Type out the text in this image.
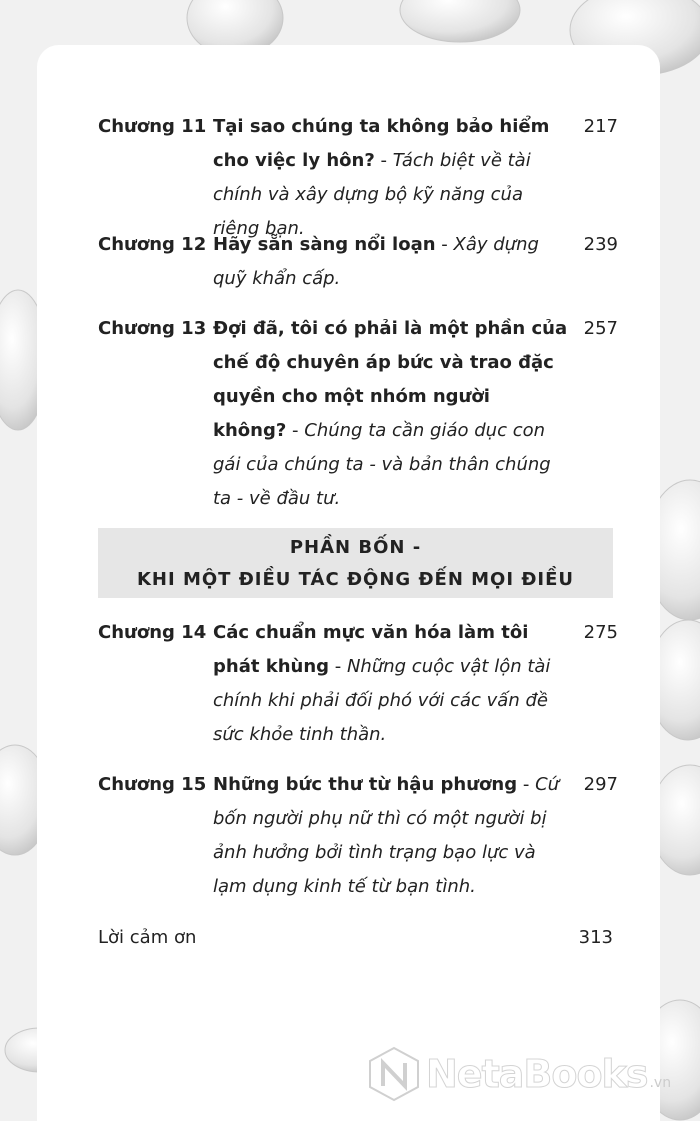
Chương 11 Tại sao chúng ta không bảo hiểm cho việc ly hôn? - Tách biệt về tài chính và xây dựng bộ kỹ năng của riêng bạn.
217
Chương 12 Hãy sẵn sàng nổi loạn - Xây dựng quỹ khẩn cấp.
239
Chương 13 Đợi đã, tôi có phải là một phần của chế độ chuyên áp bức và trao đặc quyền cho một nhóm người không? - Chúng ta cần giáo dục con gái của chúng ta - và bản thân chúng ta - về đầu tư.
257
PHẦN BỐN -
KHI MỘT ĐIỀU TÁC ĐỘNG ĐẾN MỌI ĐIỀU
Chương 14 Các chuẩn mực văn hóa làm tôi phát khùng - Những cuộc vật lộn tài chính khi phải đối phó với các vấn đề sức khỏe tinh thần.
275
Chương 15 Những bức thư từ hậu phương - Cứ bốn người phụ nữ thì có một người bị ảnh hưởng bởi tình trạng bạo lực và lạm dụng kinh tế từ bạn tình.
297
Lời cảm ơn	313
NetaBooks .vn
